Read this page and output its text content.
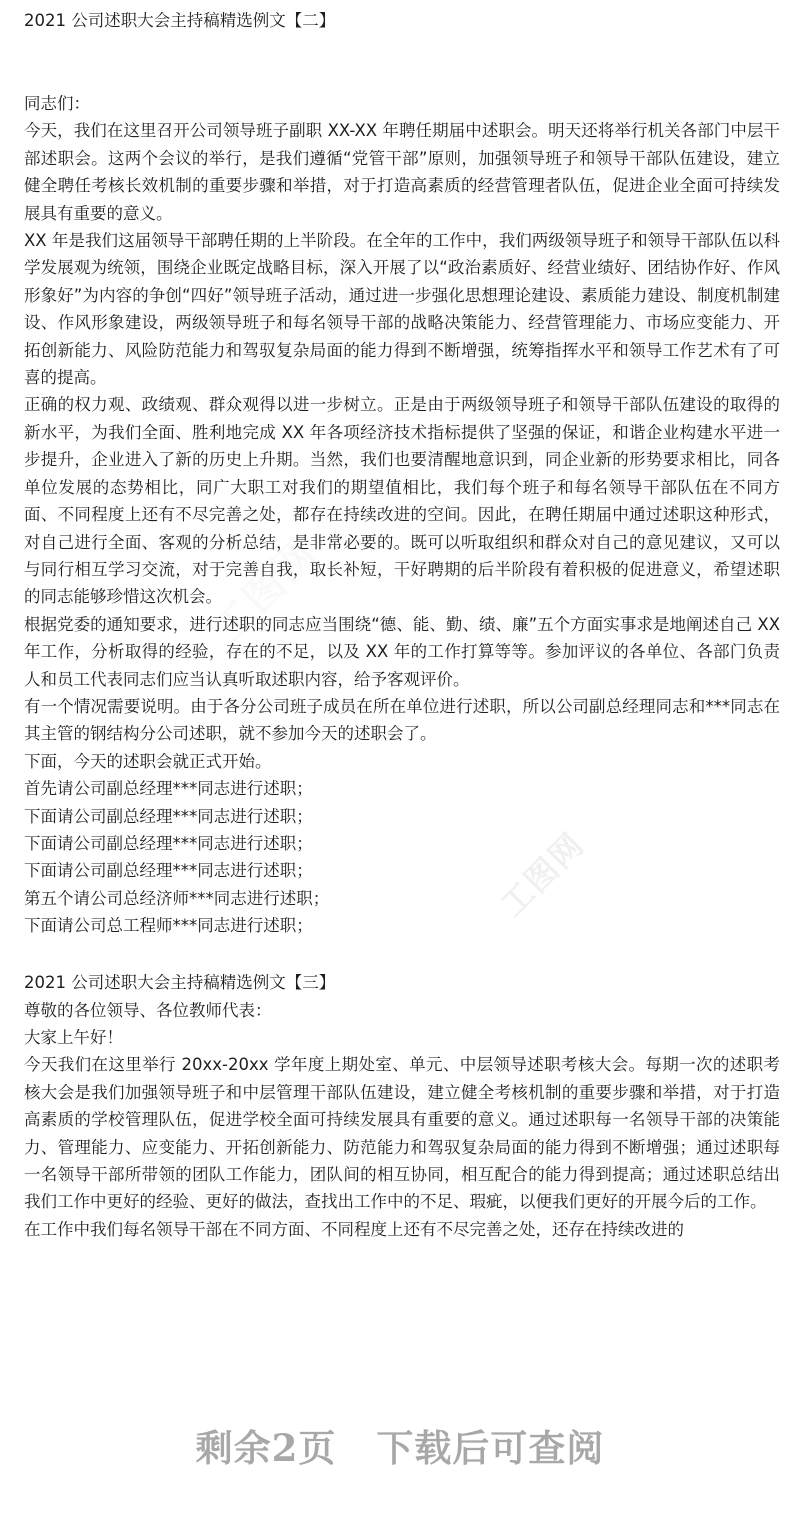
工图网
工图网
2021 公司述职大会主持稿精选例文【二】

同志们：

今天，我们在这里召开公司领导班子副职 XX-XX 年聘任期届中述职会。明天还将举行机关各部门中层干部述职会。这两个会议的举行，是我们遵循“党管干部”原则，加强领导班子和领导干部队伍建设，建立健全聘任考核长效机制的重要步骤和举措，对于打造高素质的经营管理者队伍，促进企业全面可持续发展具有重要的意义。

XX 年是我们这届领导干部聘任期的上半阶段。在全年的工作中，我们两级领导班子和领导干部队伍以科学发展观为统领，围绕企业既定战略目标，深入开展了以“政治素质好、经营业绩好、团结协作好、作风形象好”为内容的争创“四好”领导班子活动，通过进一步强化思想理论建设、素质能力建设、制度机制建设、作风形象建设，两级领导班子和每名领导干部的战略决策能力、经营管理能力、市场应变能力、开拓创新能力、风险防范能力和驾驭复杂局面的能力得到不断增强，统筹指挥水平和领导工作艺术有了可喜的提高。

正确的权力观、政绩观、群众观得以进一步树立。正是由于两级领导班子和领导干部队伍建设的取得的新水平，为我们全面、胜利地完成 XX 年各项经济技术指标提供了坚强的保证，和谐企业构建水平进一步提升，企业进入了新的历史上升期。当然，我们也要清醒地意识到，同企业新的形势要求相比，同各单位发展的态势相比，同广大职工对我们的期望值相比，我们每个班子和每名领导干部队伍在不同方面、不同程度上还有不尽完善之处，都存在持续改进的空间。因此，在聘任期届中通过述职这种形式，对自己进行全面、客观的分析总结，是非常必要的。既可以听取组织和群众对自己的意见建议，又可以与同行相互学习交流，对于完善自我，取长补短，干好聘期的后半阶段有着积极的促进意义，希望述职的同志能够珍惜这次机会。

根据党委的通知要求，进行述职的同志应当围绕“德、能、勤、绩、廉”五个方面实事求是地阐述自己 XX 年工作，分析取得的经验，存在的不足，以及 XX 年的工作打算等等。参加评议的各单位、各部门负责人和员工代表同志们应当认真听取述职内容，给予客观评价。

有一个情况需要说明。由于各分公司班子成员在所在单位进行述职，所以公司副总经理同志和***同志在其主管的钢结构分公司述职，就不参加今天的述职会了。

下面，今天的述职会就正式开始。

首先请公司副总经理***同志进行述职；

下面请公司副总经理***同志进行述职；

下面请公司副总经理***同志进行述职；

下面请公司副总经理***同志进行述职；

第五个请公司总经济师***同志进行述职；

下面请公司总工程师***同志进行述职；

2021 公司述职大会主持稿精选例文【三】

尊敬的各位领导、各位教师代表：

大家上午好！

今天我们在这里举行 20xx-20xx 学年度上期处室、单元、中层领导述职考核大会。每期一次的述职考核大会是我们加强领导班子和中层管理干部队伍建设，建立健全考核机制的重要步骤和举措，对于打造高素质的学校管理队伍，促进学校全面可持续发展具有重要的意义。通过述职每一名领导干部的决策能力、管理能力、应变能力、开拓创新能力、防范能力和驾驭复杂局面的能力得到不断增强；通过述职每一名领导干部所带领的团队工作能力，团队间的相互协同，相互配合的能力得到提高；通过述职总结出我们工作中更好的经验、更好的做法，查找出工作中的不足、瑕疵，以便我们更好的开展今后的工作。

在工作中我们每名领导干部在不同方面、不同程度上还有不尽完善之处，还存在持续改进的

剩余2页 下载后可查阅
